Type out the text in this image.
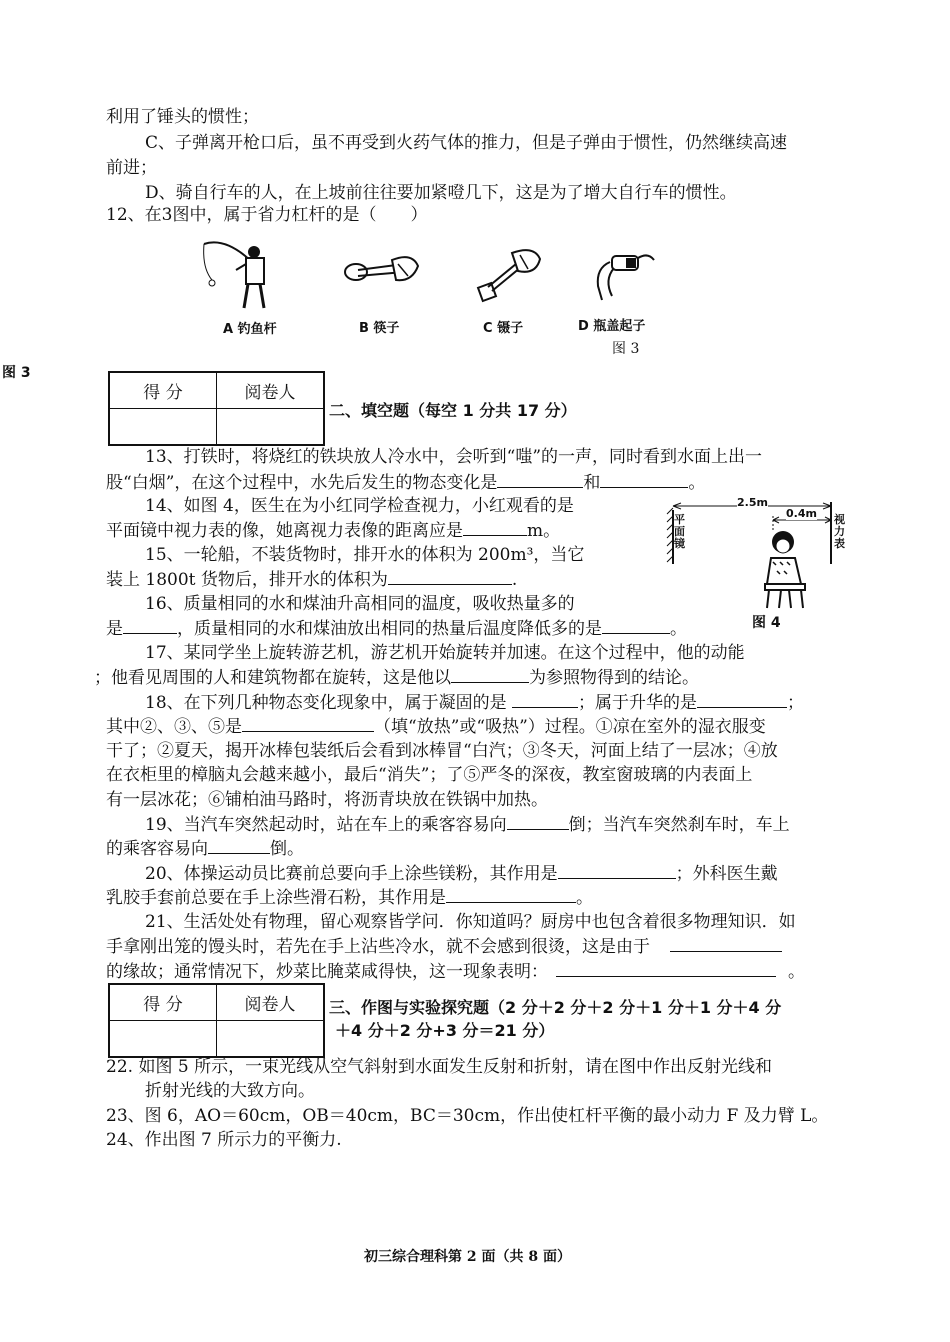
利用了锤头的惯性；
C、子弹离开枪口后，虽不再受到火药气体的推力，但是子弹由于惯性，仍然继续高速
前进；
D、骑自行车的人，在上坡前往往要加紧噔几下，这是为了增大自行车的惯性。
12、在3图中，属于省力杠杆的是（　　）
A 钓鱼杆	B 筷子	C 镊子	D 瓶盖起子
图 3
图 3
得 分	阅卷人

二、填空题（每空 1 分共 17 分）
13、打铁时，将烧红的铁块放人冷水中，会听到“嗤”的一声，同时看到水面上出一
股“白烟”，在这个过程中，水先后发生的物态变化是	和	。
14、如图 4，医生在为小红同学检查视力，小红观看的是
平面镜中视力表的像，她离视力表像的距离应是	m。
15、一轮船，不装货物时，排开水的体积为 200m³，当它
装上 1800t 货物后，排开水的体积为	.
16、质量相同的水和煤油升高相同的温度，吸收热量多的
是	，质量相同的水和煤油放出相同的热量后温度降低多的是	。
2.5m
0.4m
平面镜
视力表
图 4
17、某同学坐上旋转游艺机，游艺机开始旋转并加速。在这个过程中，他的动能
；他看见周围的人和建筑物都在旋转，这是他以	为参照物得到的结论。
18、在下列几种物态变化现象中，属于凝固的是	；属于升华的是	；
其中②、③、⑤是	（填“放热”或“吸热”）过程。①凉在室外的湿衣服变
干了；②夏天，揭开冰棒包装纸后会看到冰棒冒“白汽；③冬天，河面上结了一层冰；④放
在衣柜里的樟脑丸会越来越小，最后“消失”；了⑤严冬的深夜，教室窗玻璃的内表面上
有一层冰花；⑥铺柏油马路时，将沥青块放在铁锅中加热。
19、当汽车突然起动时，站在车上的乘客容易向	倒；当汽车突然刹车时，车上
的乘客容易向	倒。
20、体操运动员比赛前总要向手上涂些镁粉，其作用是	；外科医生戴
乳胶手套前总要在手上涂些滑石粉，其作用是	。
21、生活处处有物理，留心观察皆学问．你知道吗？厨房中也包含着很多物理知识．如
手拿刚出笼的馒头时，若先在手上沾些冷水，就不会感到很烫，这是由于
的缘故；通常情况下，炒菜比腌菜咸得快，这一现象表明：	。
得 分	阅卷人
	三、作图与实验探究题（2 分＋2 分＋2 分＋1 分＋1 分＋4 分
＋4 分＋2 分+3 分＝21 分）
22. 如图 5 所示，一束光线从空气斜射到水面发生反射和折射，请在图中作出反射光线和
折射光线的大致方向。
23、图 6，AO＝60cm，OB＝40cm，BC＝30cm，作出使杠杆平衡的最小动力 F 及力臂 L。
24、作出图 7 所示力的平衡力.
初三综合理科第 2 面（共 8 面）
